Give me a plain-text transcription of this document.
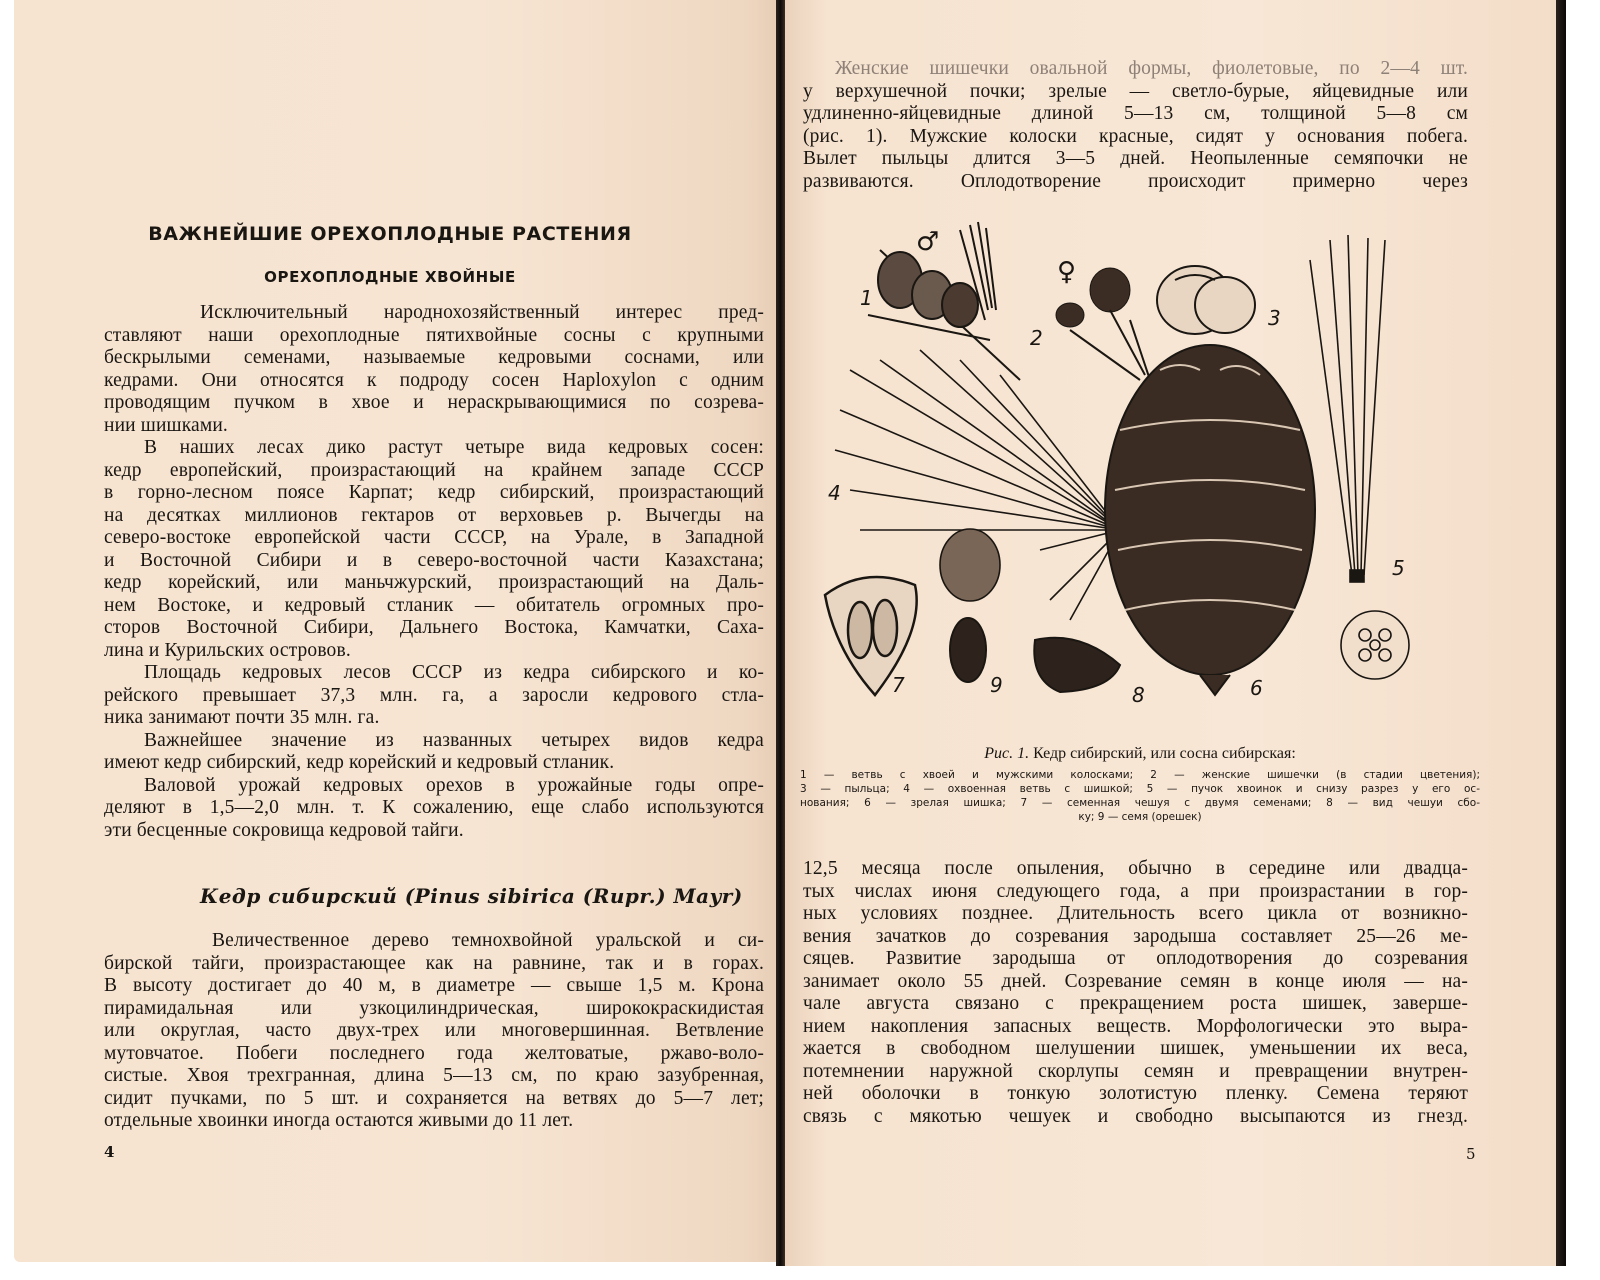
ВАЖНЕЙШИЕ ОРЕХОПЛОДНЫЕ РАСТЕНИЯ
ОРЕХОПЛОДНЫЕ ХВОЙНЫЕ

Исключительный народнохозяйственный интерес пред-

ставляют наши орехоплодные пятихвойные сосны с крупными

бескрылыми семенами, называемые кедровыми соснами, или

кедрами. Они относятся к подроду сосен Haploxylon с одним

проводящим пучком в хвое и нераскрывающимися по созрева-

нии шишками.

В наших лесах дико растут четыре вида кедровых сосен:

кедр европейский, произрастающий на крайнем западе СССР

в горно-лесном поясе Карпат; кедр сибирский, произрастающий

на десятках миллионов гектаров от верховьев р. Вычегды на

северо-востоке европейской части СССР, на Урале, в Западной

и Восточной Сибири и в северо-восточной части Казахстана;

кедр корейский, или маньчжурский, произрастающий на Даль-

нем Востоке, и кедровый стланик — обитатель огромных про-

сторов Восточной Сибири, Дальнего Востока, Камчатки, Саха-

лина и Курильских островов.

Площадь кедровых лесов СССР из кедра сибирского и ко-

рейского превышает 37,3 млн. га, а заросли кедрового стла-

ника занимают почти 35 млн. га.

Важнейшее значение из названных четырех видов кедра

имеют кедр сибирский, кедр корейский и кедровый стланик.

Валовой урожай кедровых орехов в урожайные годы опре-

деляют в 1,5—2,0 млн. т. К сожалению, еще слабо используются

эти бесценные сокровища кедровой тайги.

Кедр сибирский (Pinus sibirica (Rupr.) Mayr)

Величественное дерево темнохвойной уральской и си-

бирской тайги, произрастающее как на равнине, так и в горах.

В высоту достигает до 40 м, в диаметре — свыше 1,5 м. Крона

пирамидальная или узкоцилиндрическая, ширококраскидистая

или округлая, часто двух-трех или многовершинная. Ветвление

мутовчатое. Побеги последнего года желтоватые, ржаво-воло-

систые. Хвоя трехгранная, длина 5—13 см, по краю зазубренная,

сидит пучками, по 5 шт. и сохраняется на ветвях до 5—7 лет;

отдельные хвоинки иногда остаются живыми до 11 лет.

4

Женские шишечки овальной формы, фиолетовые, по 2—4 шт.

у верхушечной почки; зрелые — светло-бурые, яйцевидные или

удлиненно-яйцевидные длиной 5—13 см, толщиной 5—8 см

(рис. 1). Мужские колоски красные, сидят у основания побега.

Вылет пыльцы длится 3—5 дней. Неопыленные семяпочки не

развиваются. Оплодотворение происходит примерно через

1
♂
2
♀
3
4
6
5
7	9	8
Рис. 1. Кедр сибирский, или сосна сибирская:

1 — ветвь с хвоей и мужскими колосками; 2 — женские шишечки (в стадии цветения);

3 — пыльца; 4 — охвоенная ветвь с шишкой; 5 — пучок хвоинок и снизу разрез у его ос-

нования; 6 — зрелая шишка; 7 — семенная чешуя с двумя семенами; 8 — вид чешуи сбо-

ку; 9 — семя (орешек)

12,5 месяца после опыления, обычно в середине или двадца-

тых числах июня следующего года, а при произрастании в гор-

ных условиях позднее. Длительность всего цикла от возникно-

вения зачатков до созревания зародыша составляет 25—26 ме-

сяцев. Развитие зародыша от оплодотворения до созревания

занимает около 55 дней. Созревание семян в конце июля — на-

чале августа связано с прекращением роста шишек, заверше-

нием накопления запасных веществ. Морфологически это выра-

жается в свободном шелушении шишек, уменьшении их веса,

потемнении наружной скорлупы семян и превращении внутрен-

ней оболочки в тонкую золотистую пленку. Семена теряют

связь с мякотью чешуек и свободно высыпаются из гнезд.

5
